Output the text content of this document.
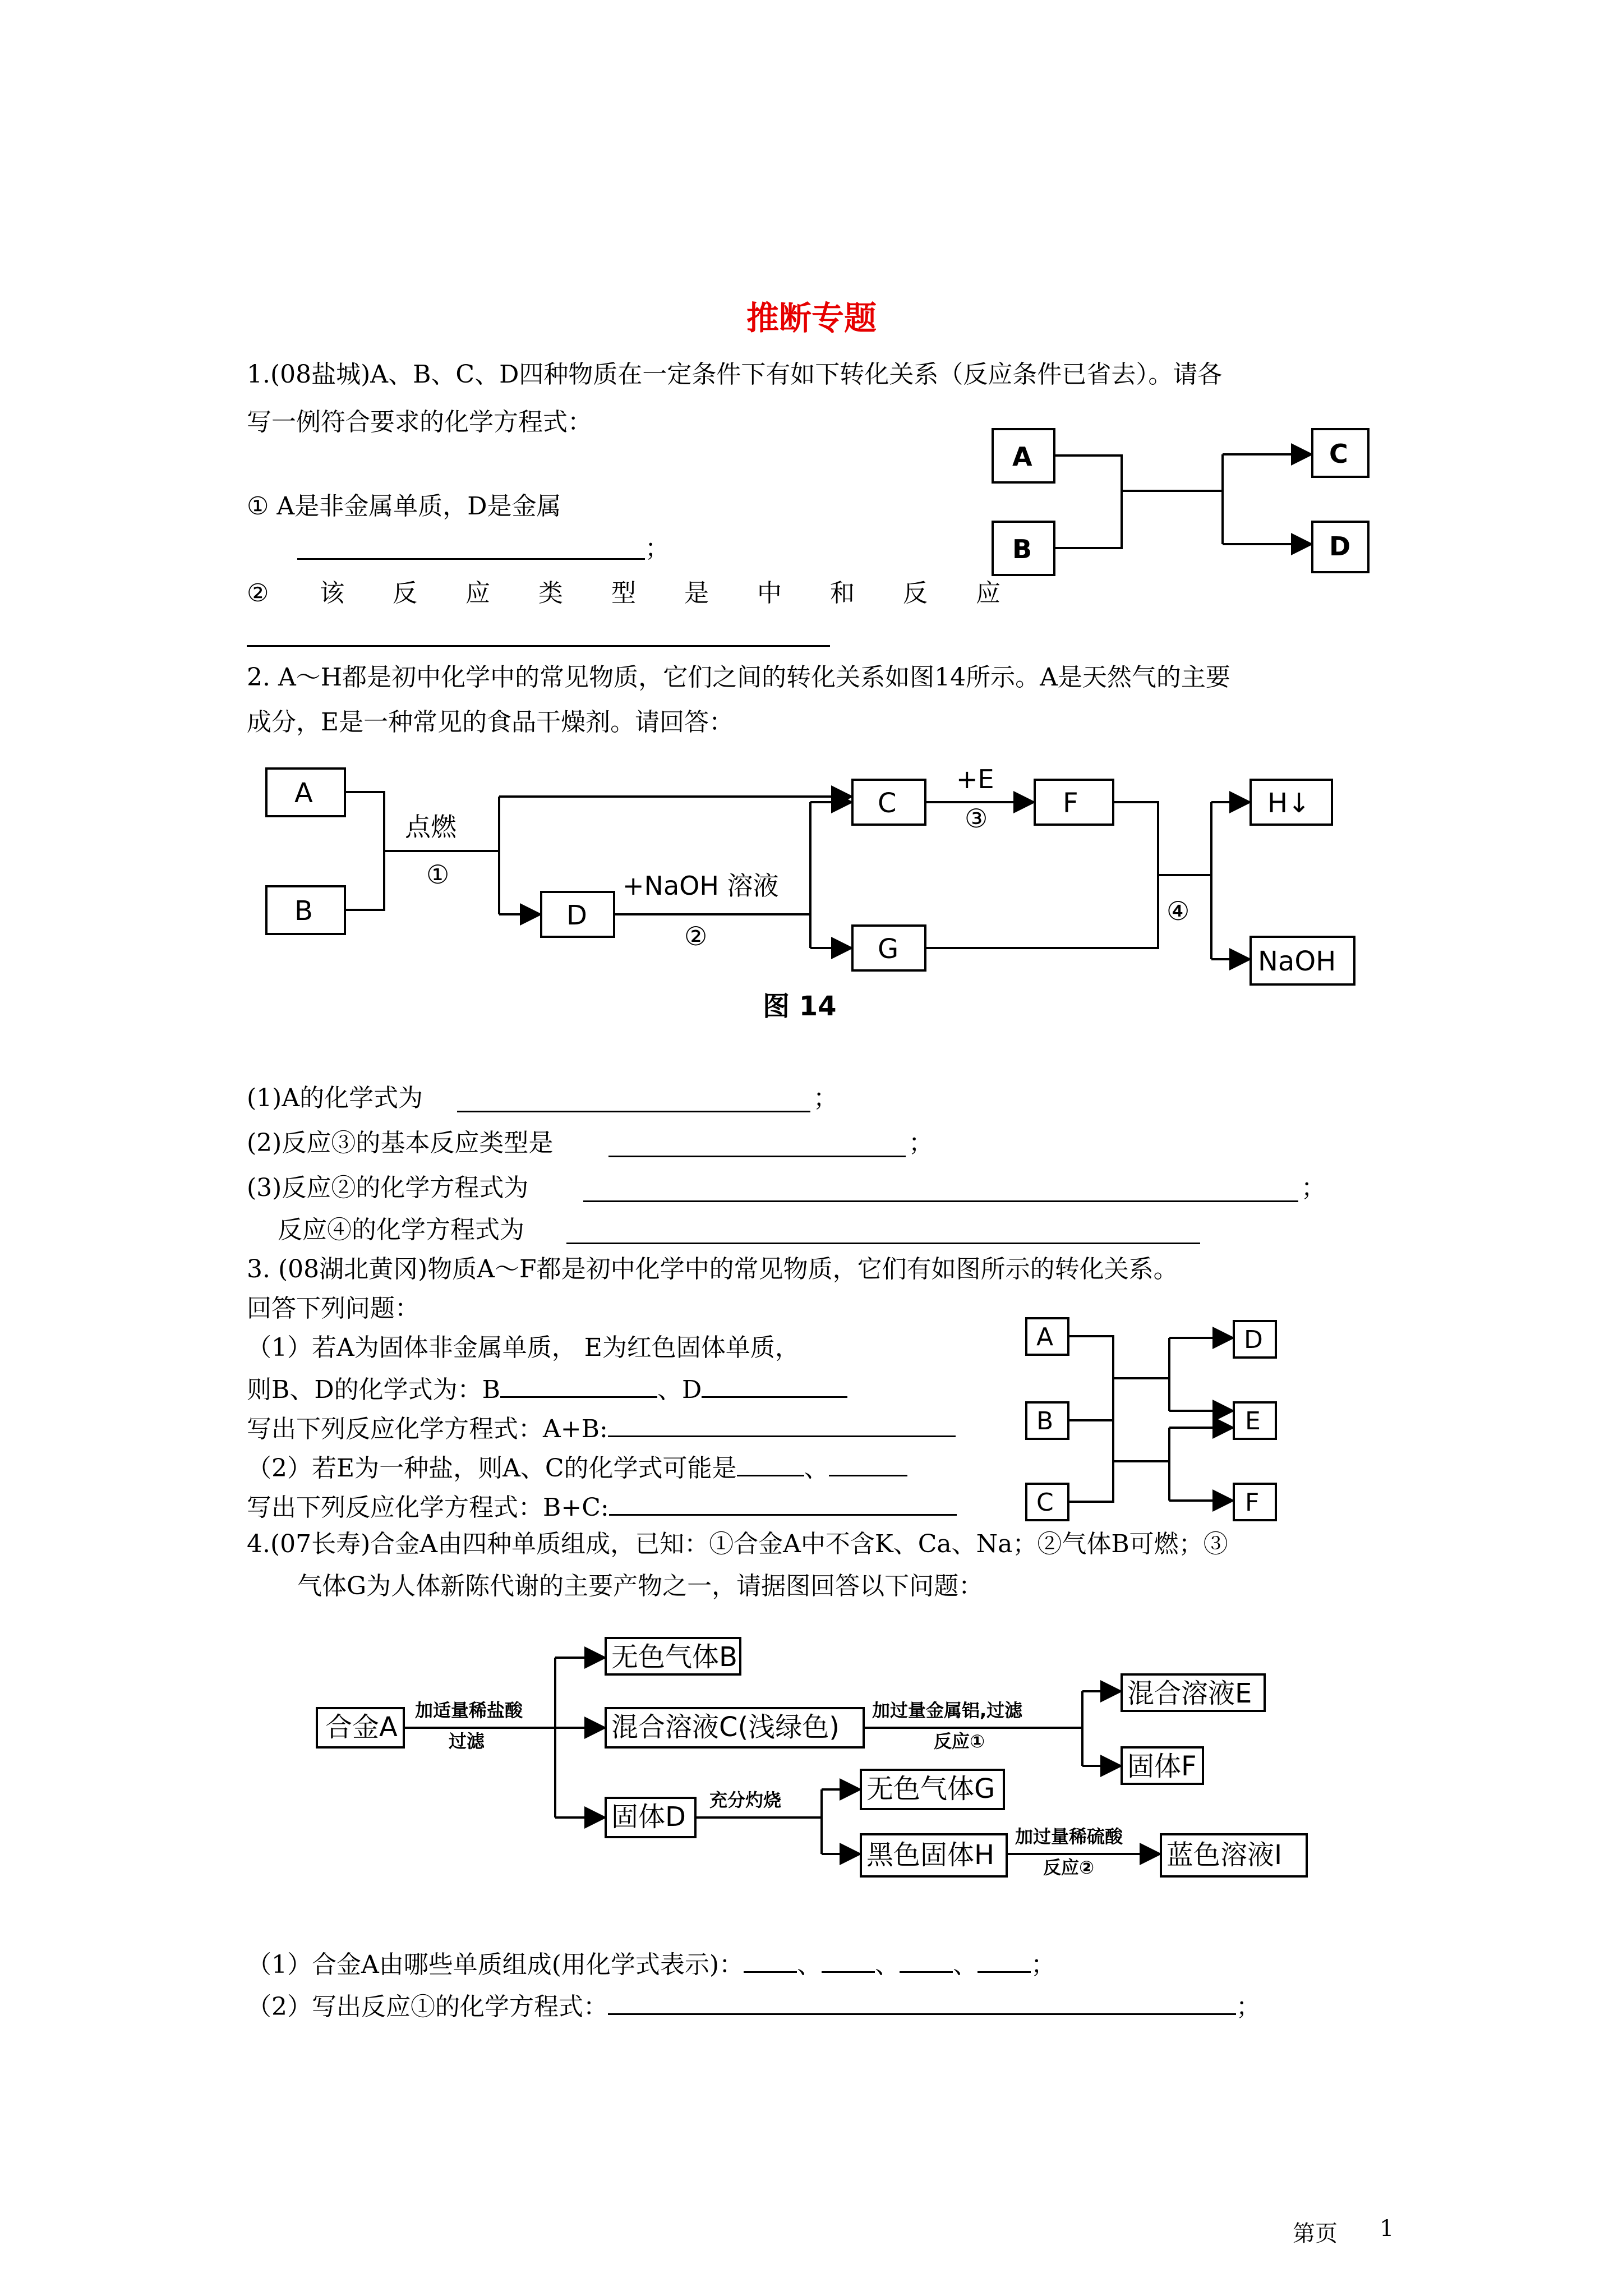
推断专题
1.(08盐城)A、B、C、D四种物质在一定条件下有如下转化关系（反应条件已省去）。请各
写一例符合要求的化学方程式：
① A是非金属单质，D是金属
；
② 该 反 应 类 型 是 中 和 反 应
A
B
C
D
2. A～H都是初中化学中的常见物质，它们之间的转化关系如图14所示。A是天然气的主要
成分，E是一种常见的食品干燥剂。请回答：
A
B	D
C	F
G
H↓
NaOH
点燃
①	+NaOH 溶液
②
+E
③
④
图 14
(1)A的化学式为	；
(2)反应③的基本反应类型是	；
(3)反应②的化学方程式为	；
反应④的化学方程式为
3. (08湖北黄冈)物质A～F都是初中化学中的常见物质，它们有如图所示的转化关系。
回答下列问题：
（1）若A为固体非金属单质， E为红色固体单质，
则B、D的化学式为：B	、D
写出下列反应化学方程式：A+B:
（2）若E为一种盐，则A、C的化学式可能是	、
写出下列反应化学方程式：B+C:
A
B
C
D
E
F
4.(07长寿)合金A由四种单质组成，已知：①合金A中不含K、Ca、Na；②气体B可燃；③
气体G为人体新陈代谢的主要产物之一，请据图回答以下问题：
合金A
加适量稀盐酸
过滤
无色气体B
混合溶液C(浅绿色)
加过量金属铝,过滤
反应①
混合溶液E
固体F
固体D
充分灼烧	无色气体G
黑色固体H
加过量稀硫酸
反应②	蓝色溶液I
（1）合金A由哪些单质组成(用化学式表示)： 、 、 、 ；
（2）写出反应①的化学方程式：	；
第页 1
